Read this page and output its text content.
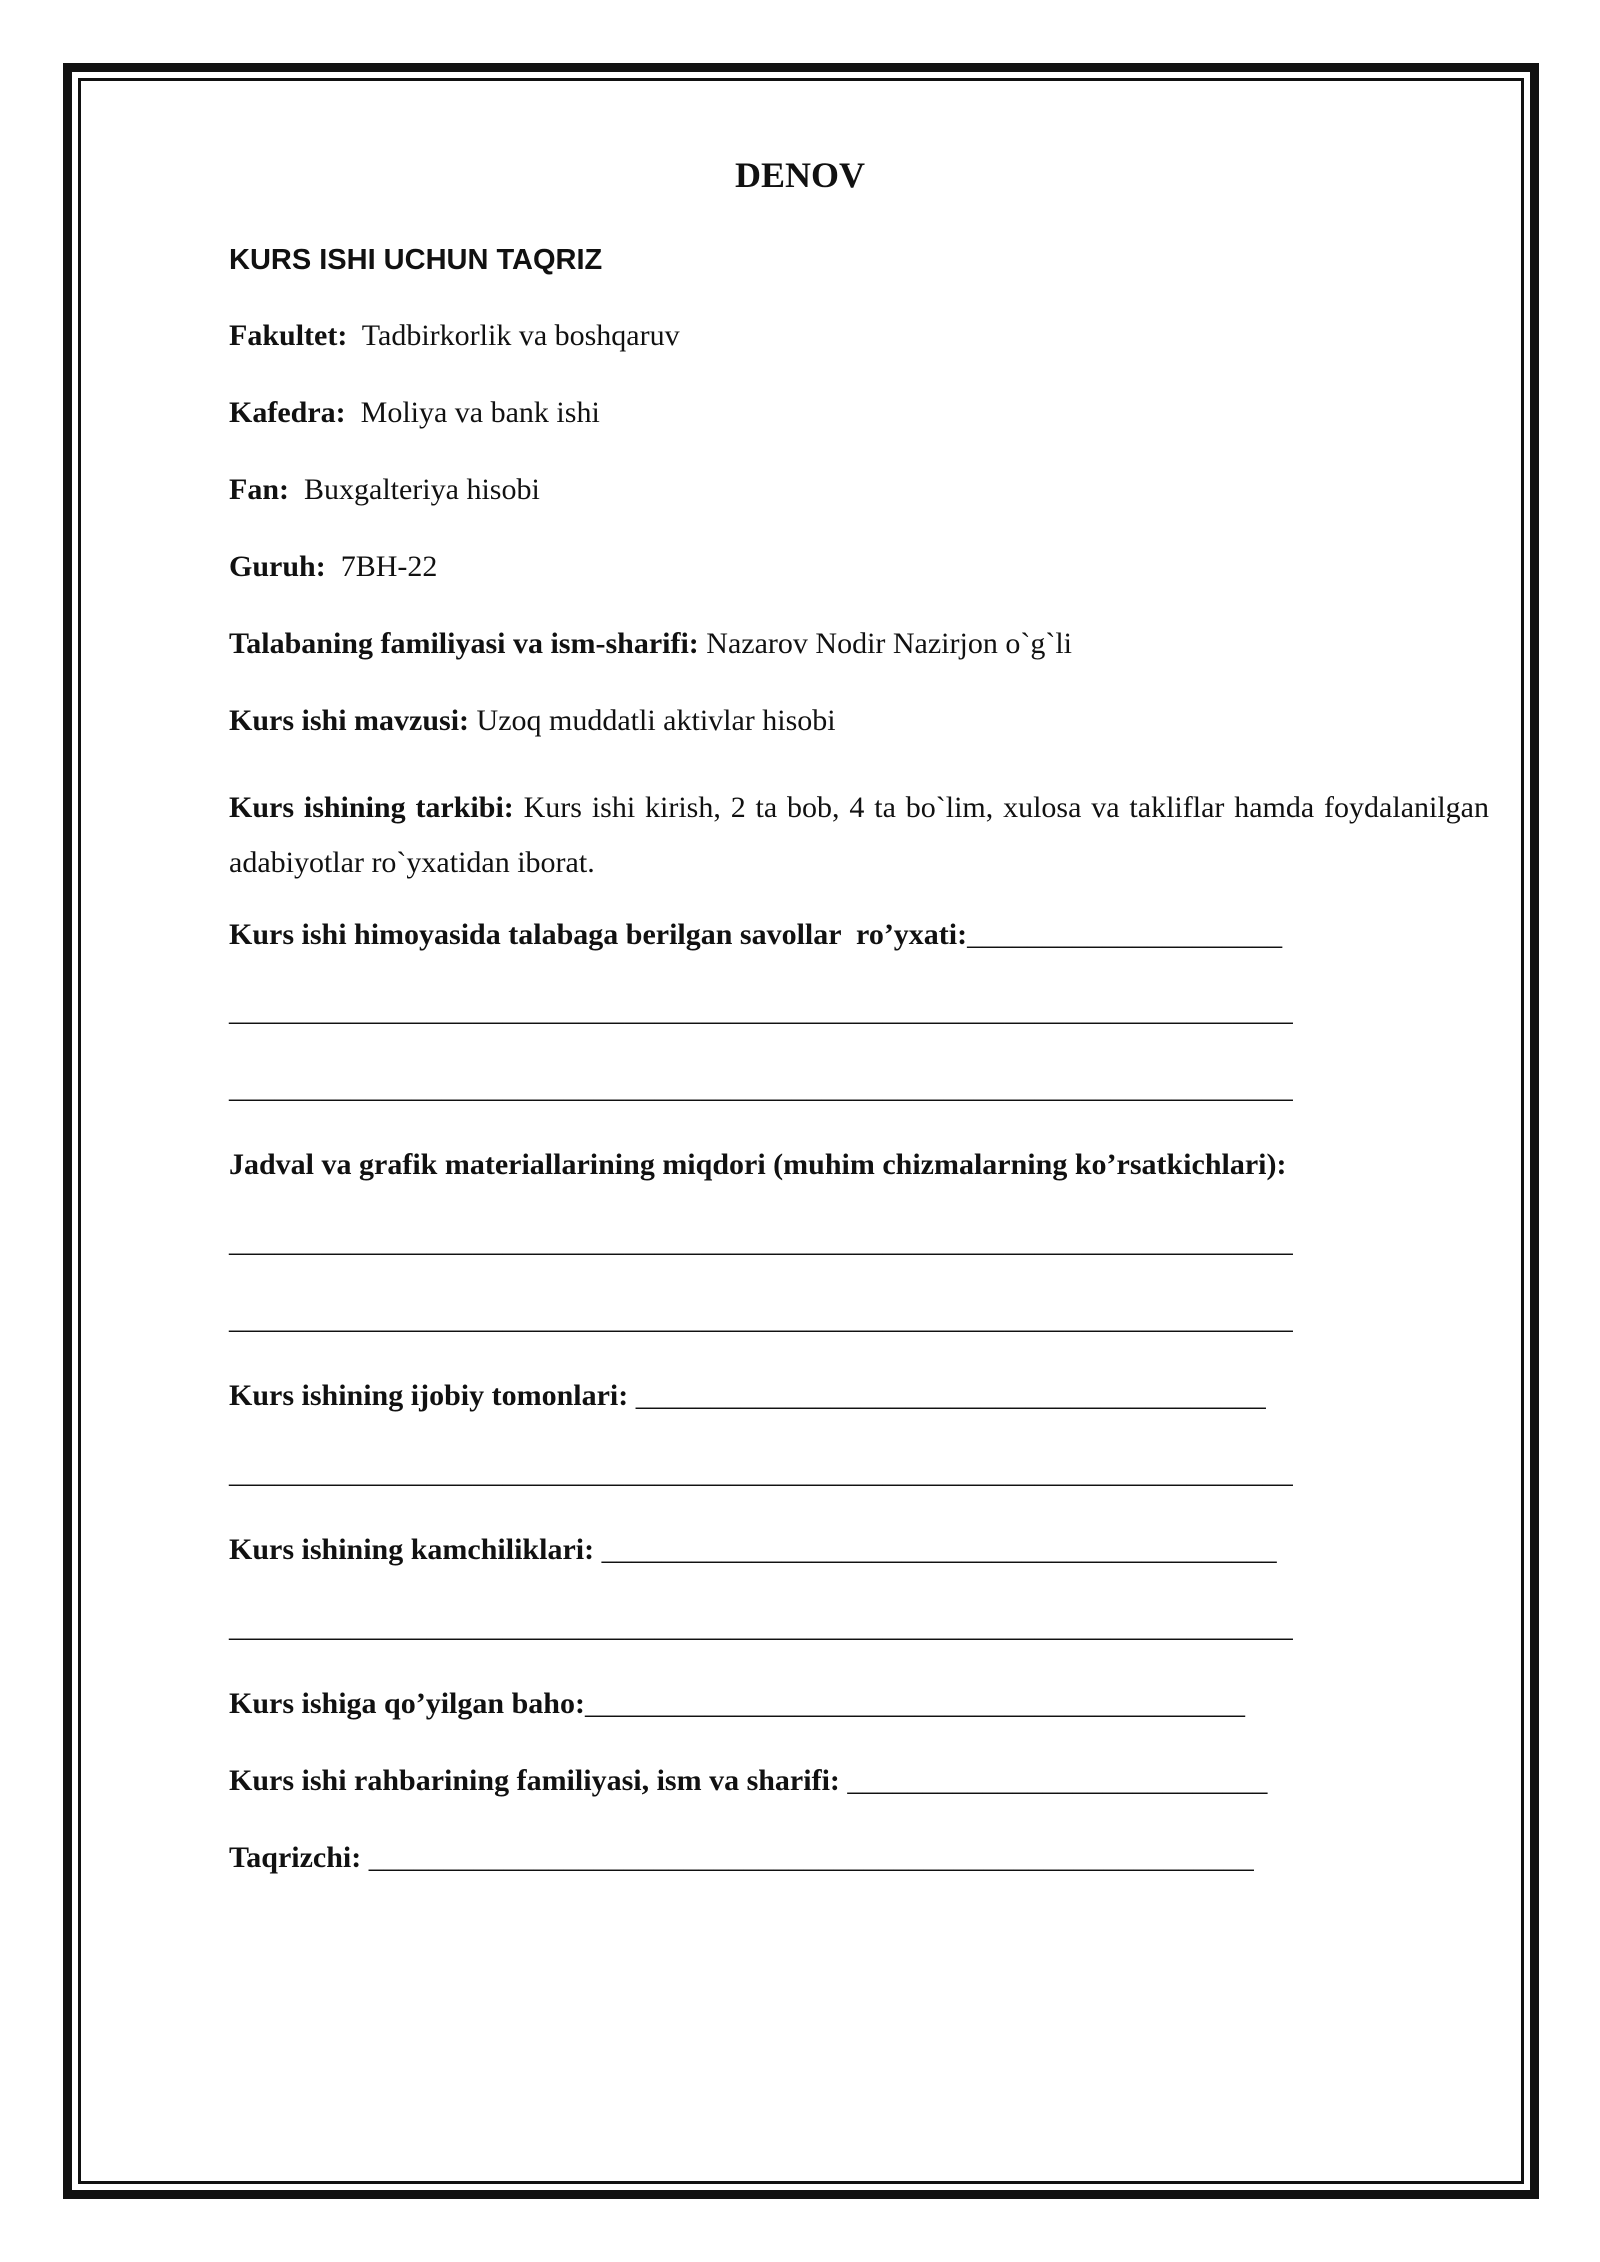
DENOV
KURS ISHI UCHUN TAQRIZ
Fakultet:  Tadbirkorlik va boshqaruv
Kafedra:  Moliya va bank ishi
Fan:  Buxgalteriya hisobi
Guruh:  7BH-22
Talabaning familiyasi va ism-sharifi: Nazarov Nodir Nazirjon o`g`li
Kurs ishi mavzusi: Uzoq muddatli aktivlar hisobi
Kurs ishining tarkibi: Kurs ishi kirish, 2 ta bob, 4 ta bo`lim, xulosa va takliflar hamda foydalanilgan adabiyotlar ro`yxatidan iborat.
Kurs ishi himoyasida talabaga berilgan savollar  ro’yxati:_____________________
______________________________________________________________________
______________________________________________________________________
Jadval va grafik materiallarining miqdori (muhim chizmalarning ko’rsatkichlari):
______________________________________________________________________
______________________________________________________________________
Kurs ishining ijobiy tomonlari: __________________________________________
______________________________________________________________________
Kurs ishining kamchiliklari: _____________________________________________
______________________________________________________________________
Kurs ishiga qo’yilgan baho:____________________________________________
Kurs ishi rahbarining familiyasi, ism va sharifi: ____________________________
Taqrizchi: ___________________________________________________________
